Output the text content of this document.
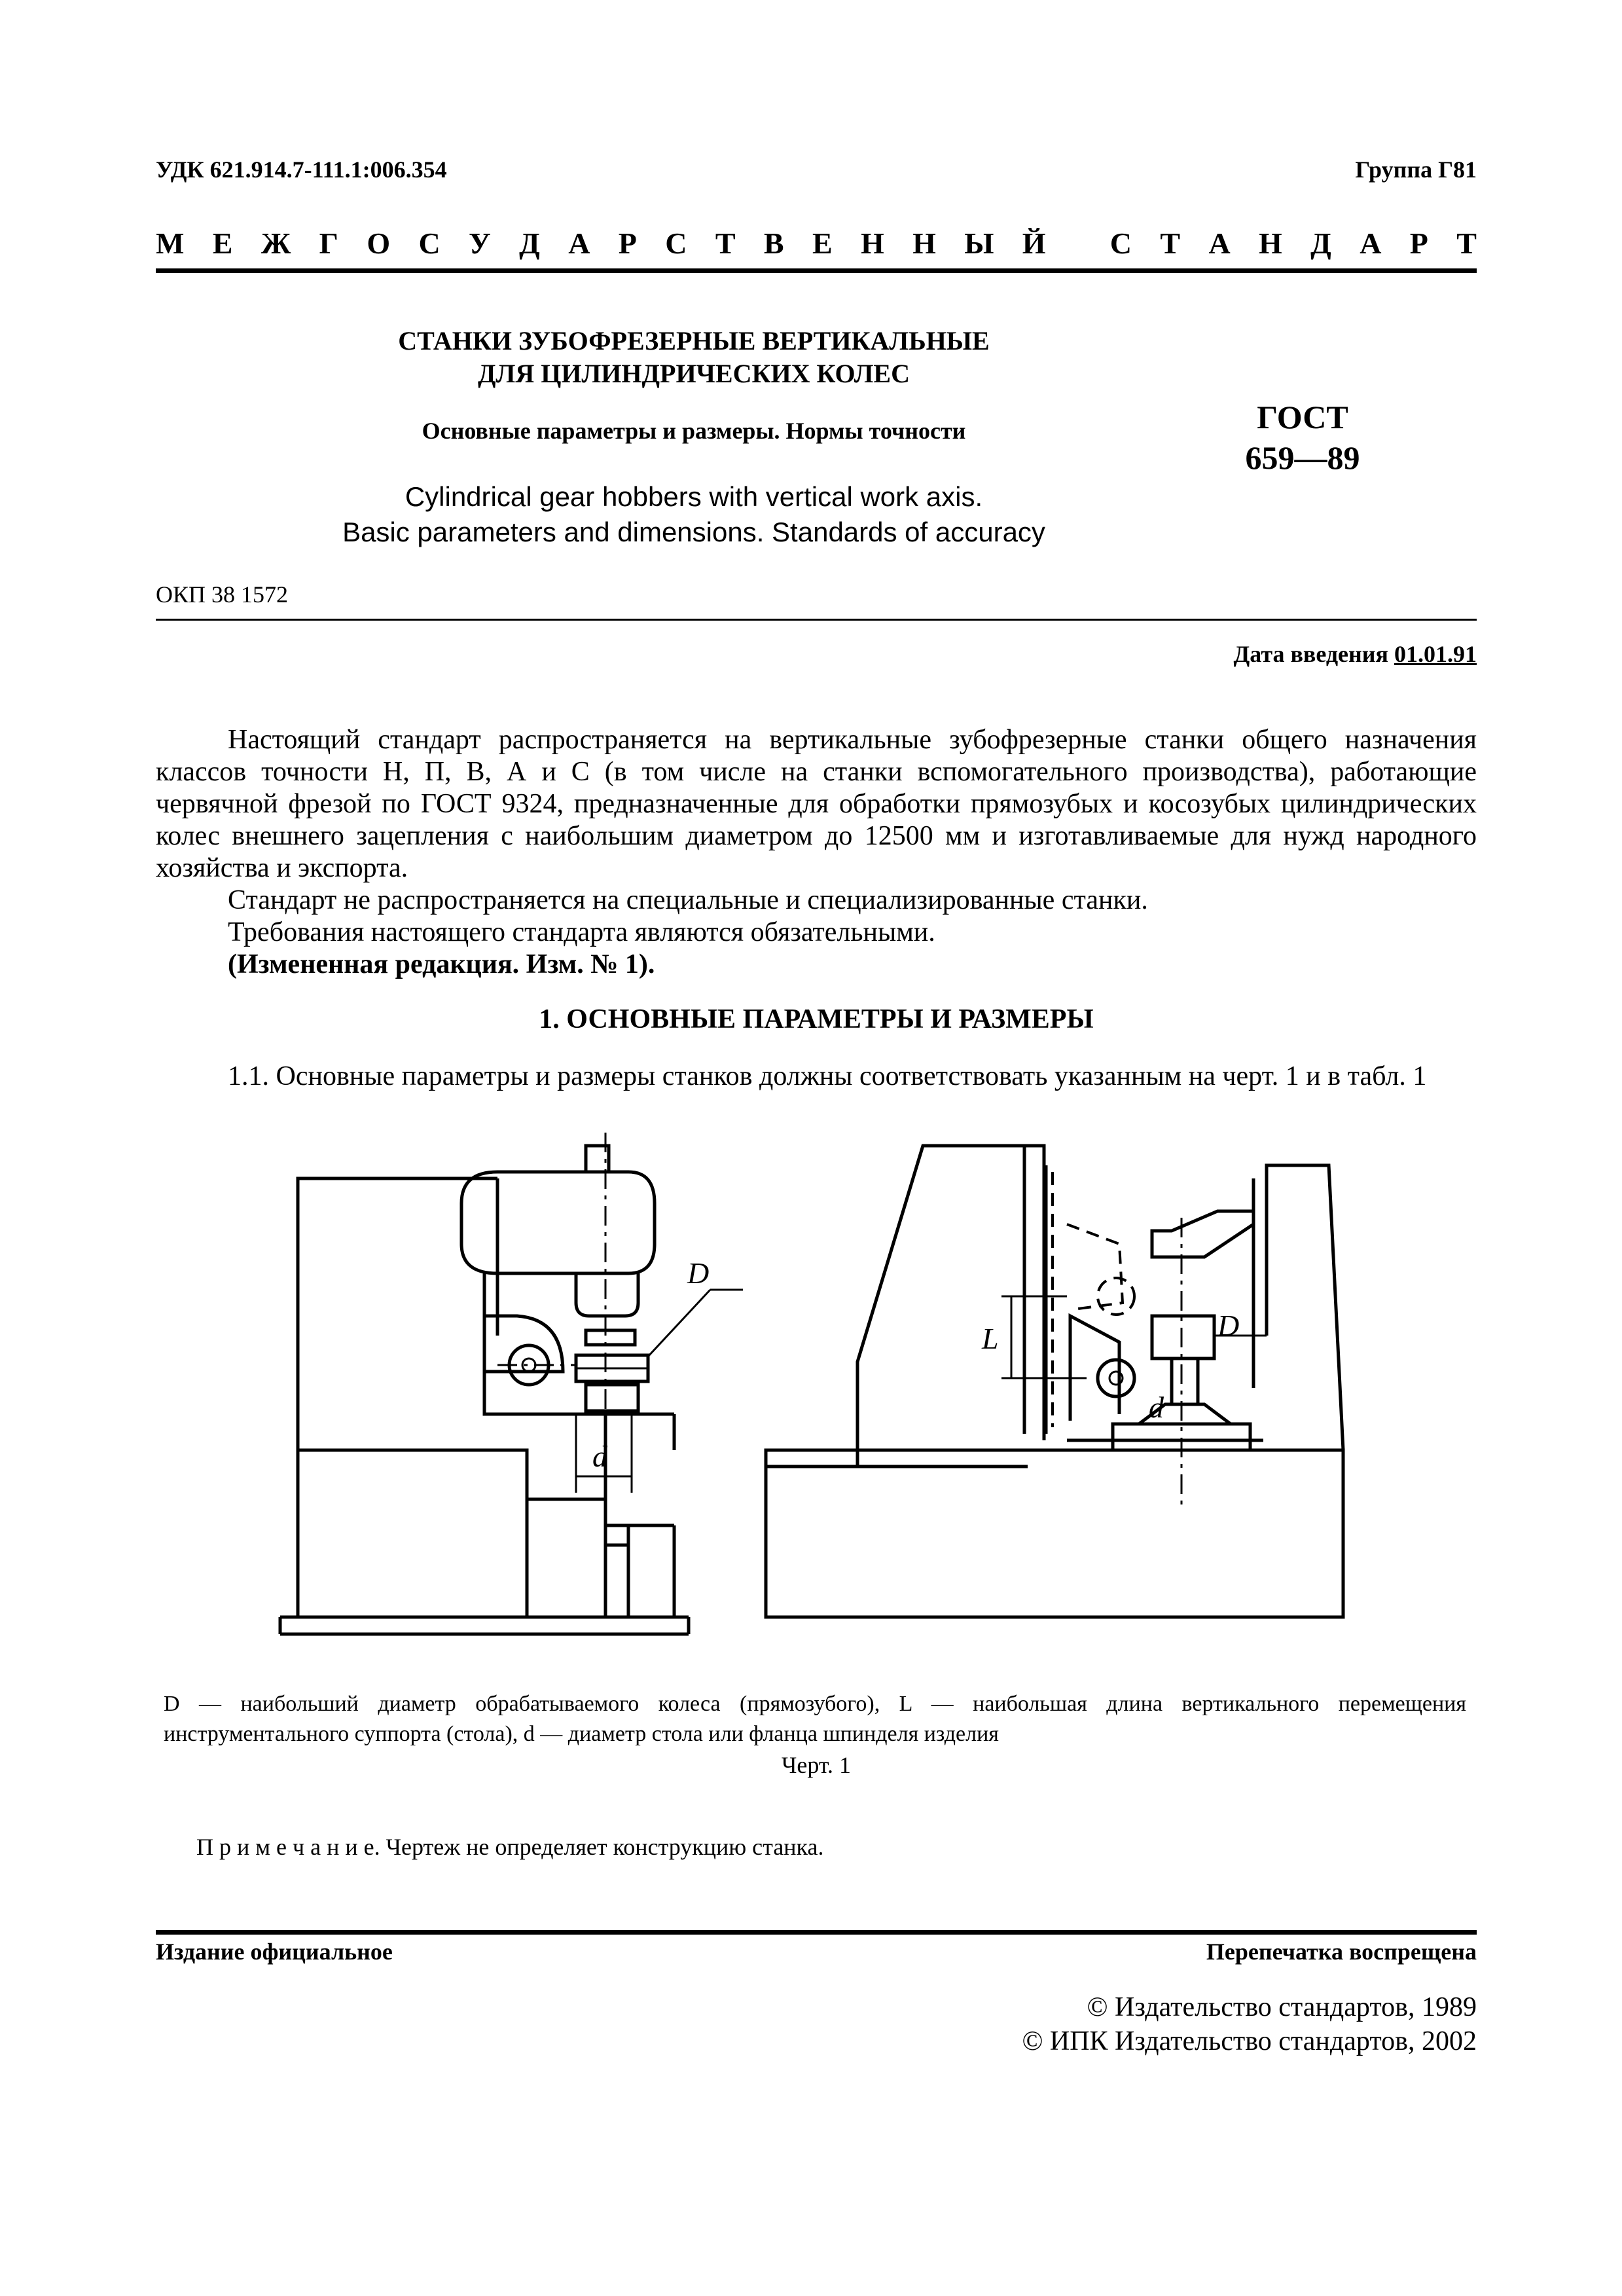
УДК 621.914.7-111.1:006.354	Группа Г81
М Е Ж Г О С У Д А Р С Т В Е Н Н Ы Й
С Т А Н Д А Р Т
СТАНКИ ЗУБОФРЕЗЕРНЫЕ ВЕРТИКАЛЬНЫЕ
ДЛЯ ЦИЛИНДРИЧЕСКИХ КОЛЕС
Основные параметры и размеры. Нормы точности
Cylindrical gear hobbers with vertical work axis.
Basic parameters and dimensions. Standards of accuracy
ГОСТ
659—89
ОКП 38 1572
Дата введения 01.01.91

Настоящий стандарт распространяется на вертикальные зубофрезерные станки общего назначения классов точности Н, П, В, А и С (в том числе на станки вспомогательного производства), работающие червячной фрезой по ГОСТ 9324, предназначенные для обработки прямозубых и косозубых цилиндрических колес внешнего зацепления с наибольшим диаметром до 12500 мм и изготавливаемые для нужд народного хозяйства и экспорта.

Стандарт не распространяется на специальные и специализированные станки.

Требования настоящего стандарта являются обязательными.

(Измененная редакция. Изм. № 1).

1. ОСНОВНЫЕ ПАРАМЕТРЫ И РАЗМЕРЫ

1.1. Основные параметры и размеры станков должны соответствовать указанным на черт. 1 и в табл. 1

D
d
L	D
d
D — наибольший диаметр обрабатываемого колеса (прямозубого), L — наибольшая длина вертикального перемещения инструментального суппорта (стола), d — диаметр стола или фланца шпинделя изделия
Черт. 1
П р и м е ч а н и е. Чертеж не определяет конструкцию станка.
Издание официальное	Перепечатка воспрещена
© Издательство стандартов, 1989
© ИПК Издательство стандартов, 2002
